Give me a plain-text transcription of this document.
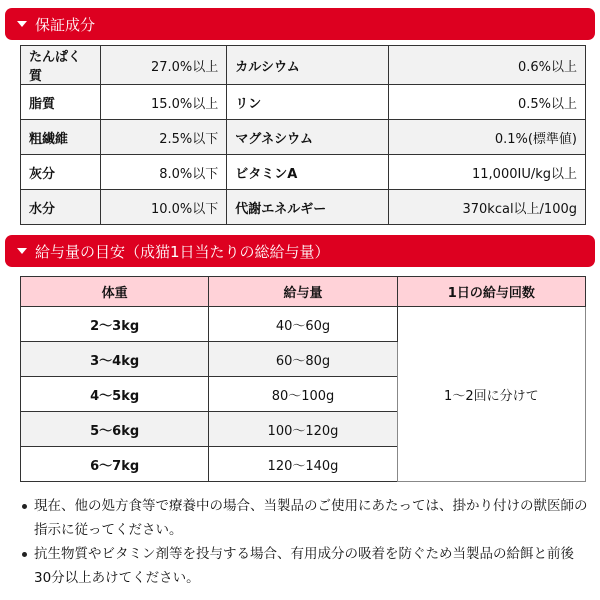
保証成分
たんぱく質	27.0%以上	カルシウム	0.6%以上
脂質	15.0%以上	リン	0.5%以上
粗繊維	2.5%以下	マグネシウム	0.1%(標準値)
灰分	8.0%以下	ビタミンA	11,000IU/kg以上
水分	10.0%以下	代謝エネルギー	370kcal以上/100g
給与量の目安（成猫1日当たりの総給与量）
体重	給与量	1日の給与回数
2〜3kg	40〜60g	1〜2回に分けて
3〜4kg	60〜80g	
4〜5kg	80〜100g	
5〜6kg	100〜120g	
6〜7kg	120〜140g	
現在、他の処方食等で療養中の場合、当製品のご使用にあたっては、掛かり付けの獣医師の指示に従ってください。
抗生物質やビタミン剤等を投与する場合、有用成分の吸着を防ぐため当製品の給餌と前後30分以上あけてください。
